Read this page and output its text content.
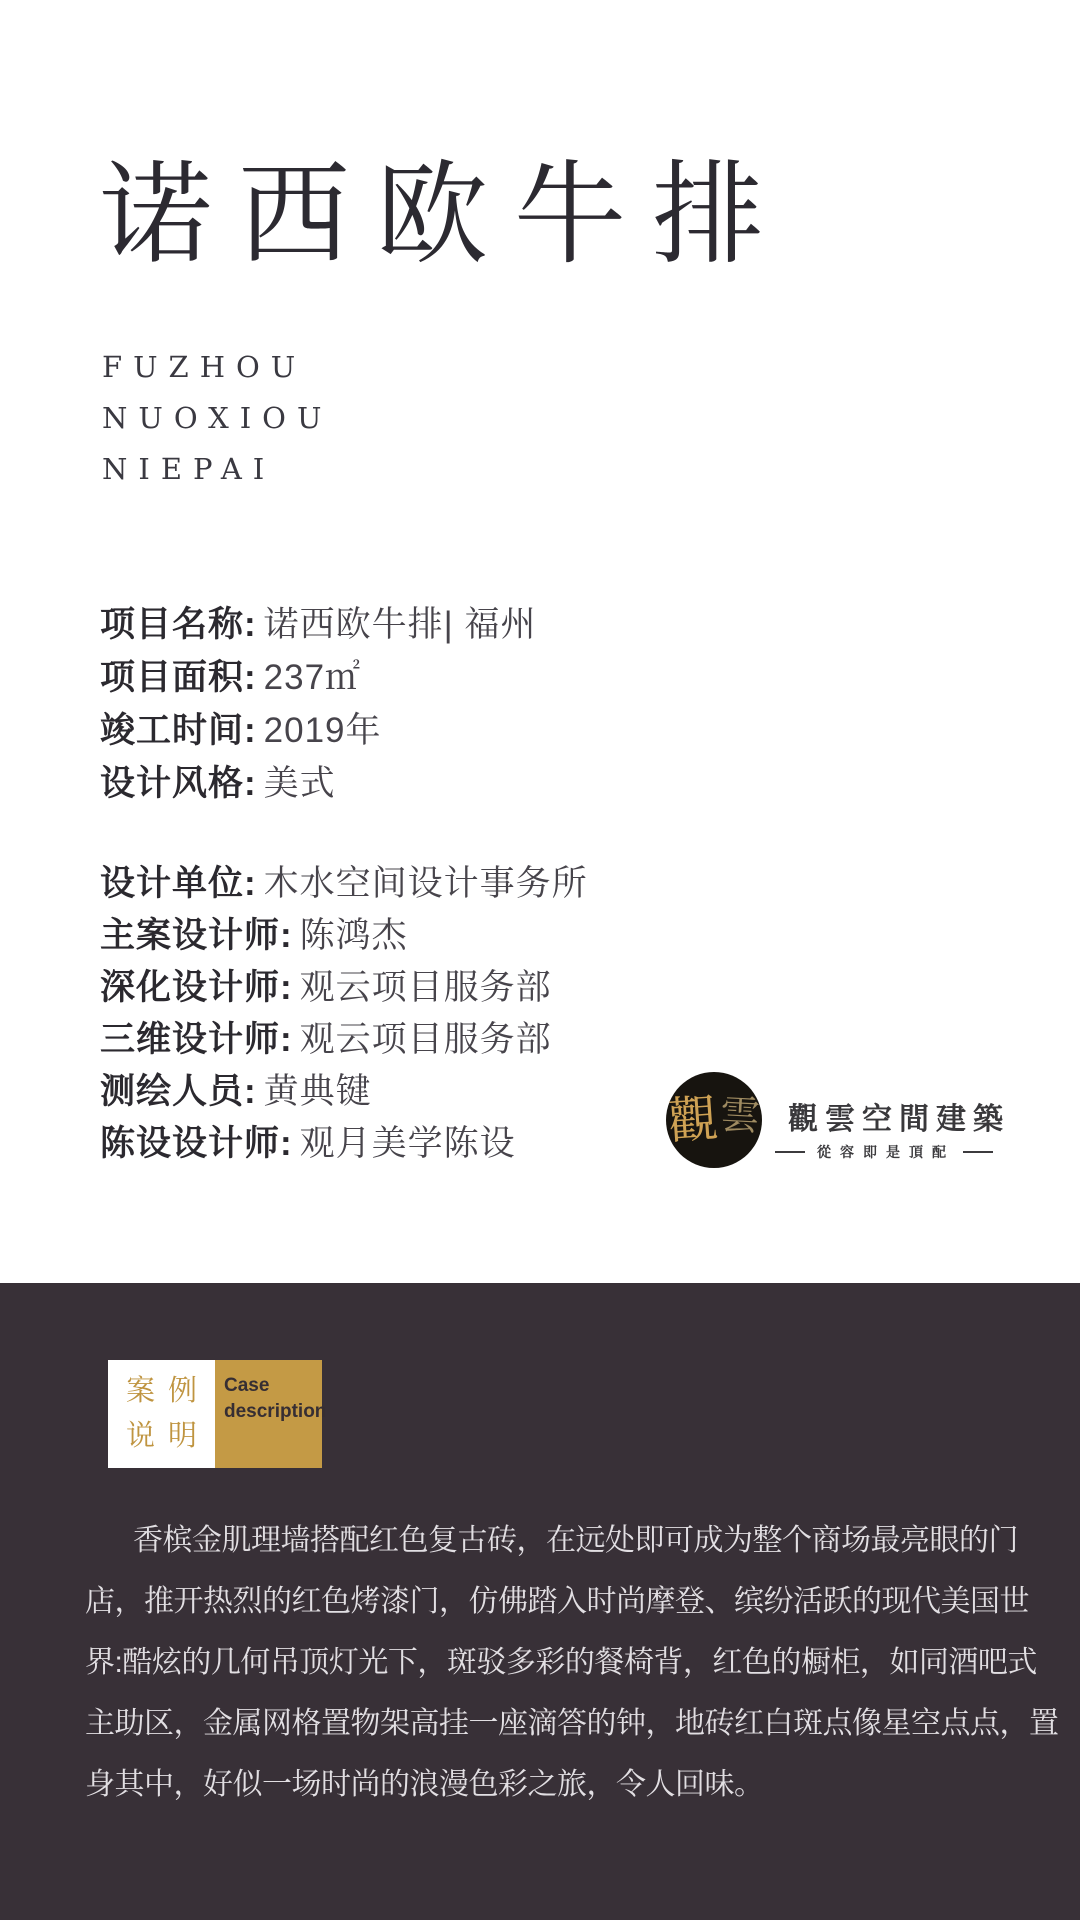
诺西欧牛排
FUZHOU
NUOXIOU
NIEPAI
项目名称: 诺西欧牛排| 福州
项目面积: 237㎡
竣工时间: 2019年
设计风格: 美式
设计单位: 木水空间设计事务所
主案设计师: 陈鸿杰
深化设计师: 观云项目服务部
三维设计师: 观云项目服务部
测绘人员: 黄典键
陈设设计师: 观月美学陈设	觀
雲 觀雲空間建築
從容即是頂配
案例
说明
Case description
香槟金肌理墙搭配红色复古砖，在远处即可成为整个商场最亮眼的门
店，推开热烈的红色烤漆门，仿佛踏入时尚摩登、缤纷活跃的现代美国世
界:酷炫的几何吊顶灯光下，斑驳多彩的餐椅背，红色的橱柜，如同酒吧式
主助区，金属网格置物架高挂一座滴答的钟，地砖红白斑点像星空点点，置
身其中，好似一场时尚的浪漫色彩之旅，令人回味。
